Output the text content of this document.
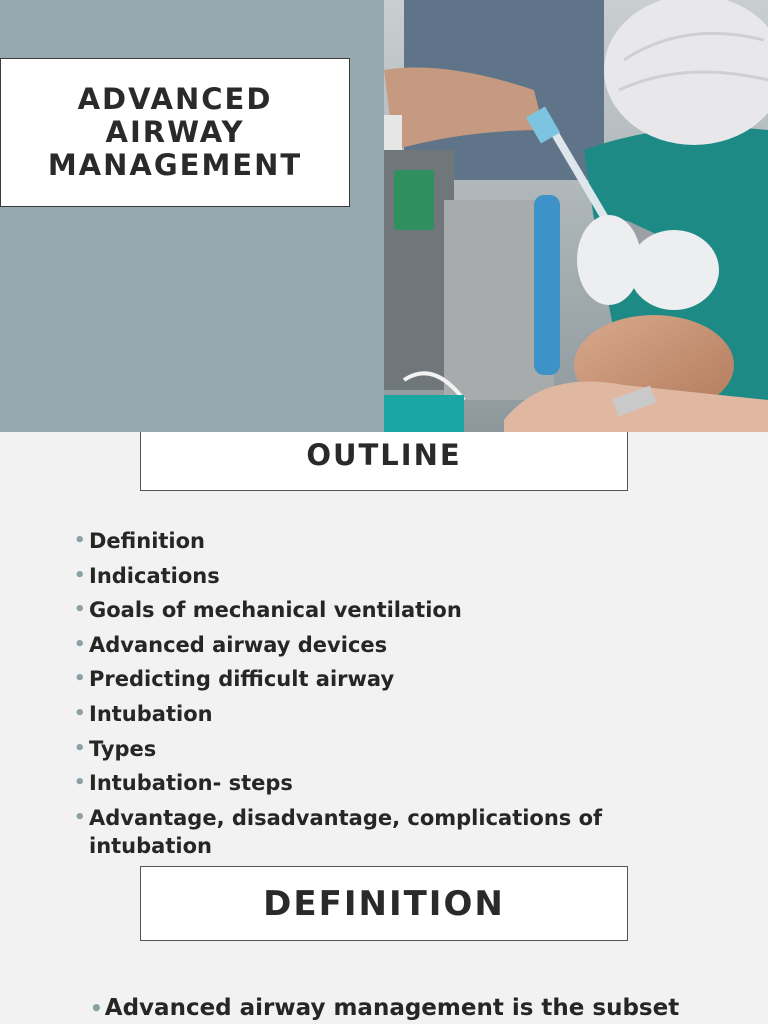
ADVANCED
AIRWAY
MANAGEMENT
OUTLINE
• Definition
• Indications
• Goals of mechanical ventilation
• Advanced airway devices
• Predicting difficult airway
• Intubation
• Types
• Intubation- steps
• Advantage, disadvantage, complications of intubation
DEFINITION
•Advanced airway management is the subset
